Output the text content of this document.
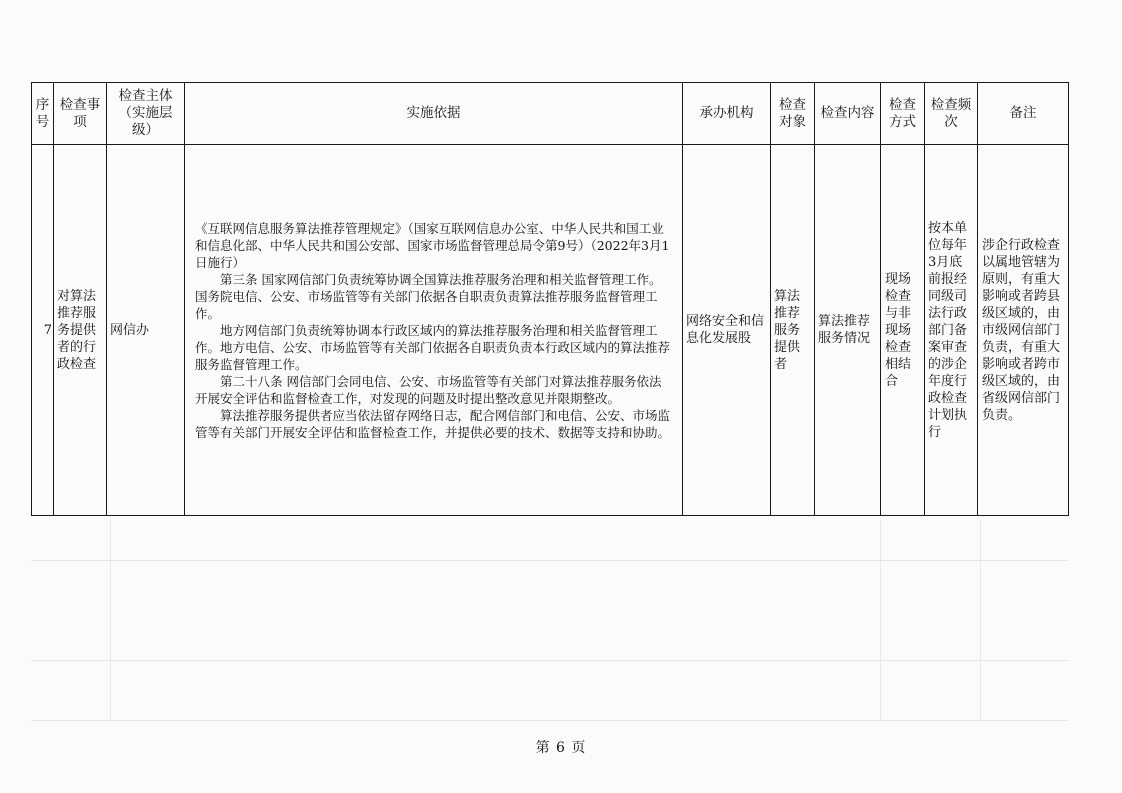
序号	检查事项	检查主体（实施层级）	实施依据	承办机构	检查对象	检查内容	检查方式	检查频次	备注

7	对算法推荐服务提供者的行政检查	网信办	《互联网信息服务算法推荐管理规定》（国家互联网信息办公室、中华人民共和国工业和信息化部、中华人民共和国公安部、国家市场监督管理总局令第9号）（2022年3月1日施行）

第三条 国家网信部门负责统筹协调全国算法推荐服务治理和相关监督管理工作。国务院电信、公安、市场监管等有关部门依据各自职责负责算法推荐服务监督管理工作。

地方网信部门负责统筹协调本行政区域内的算法推荐服务治理和相关监督管理工作。地方电信、公安、市场监管等有关部门依据各自职责负责本行政区域内的算法推荐服务监督管理工作。

第二十八条 网信部门会同电信、公安、市场监管等有关部门对算法推荐服务依法开展安全评估和监督检查工作，对发现的问题及时提出整改意见并限期整改。

算法推荐服务提供者应当依法留存网络日志，配合网信部门和电信、公安、市场监管等有关部门开展安全评估和监督检查工作，并提供必要的技术、数据等支持和协助。	网络安全和信息化发展股	算法推荐服务提供者	算法推荐服务情况	现场检查与非现场检查相结合	按本单位每年3月底前报经同级司法行政部门备案审查的涉企年度行政检查计划执行	涉企行政检查以属地管辖为原则，有重大影响或者跨县级区域的，由市级网信部门负责，有重大影响或者跨市级区域的，由省级网信部门负责。
第 6 页
